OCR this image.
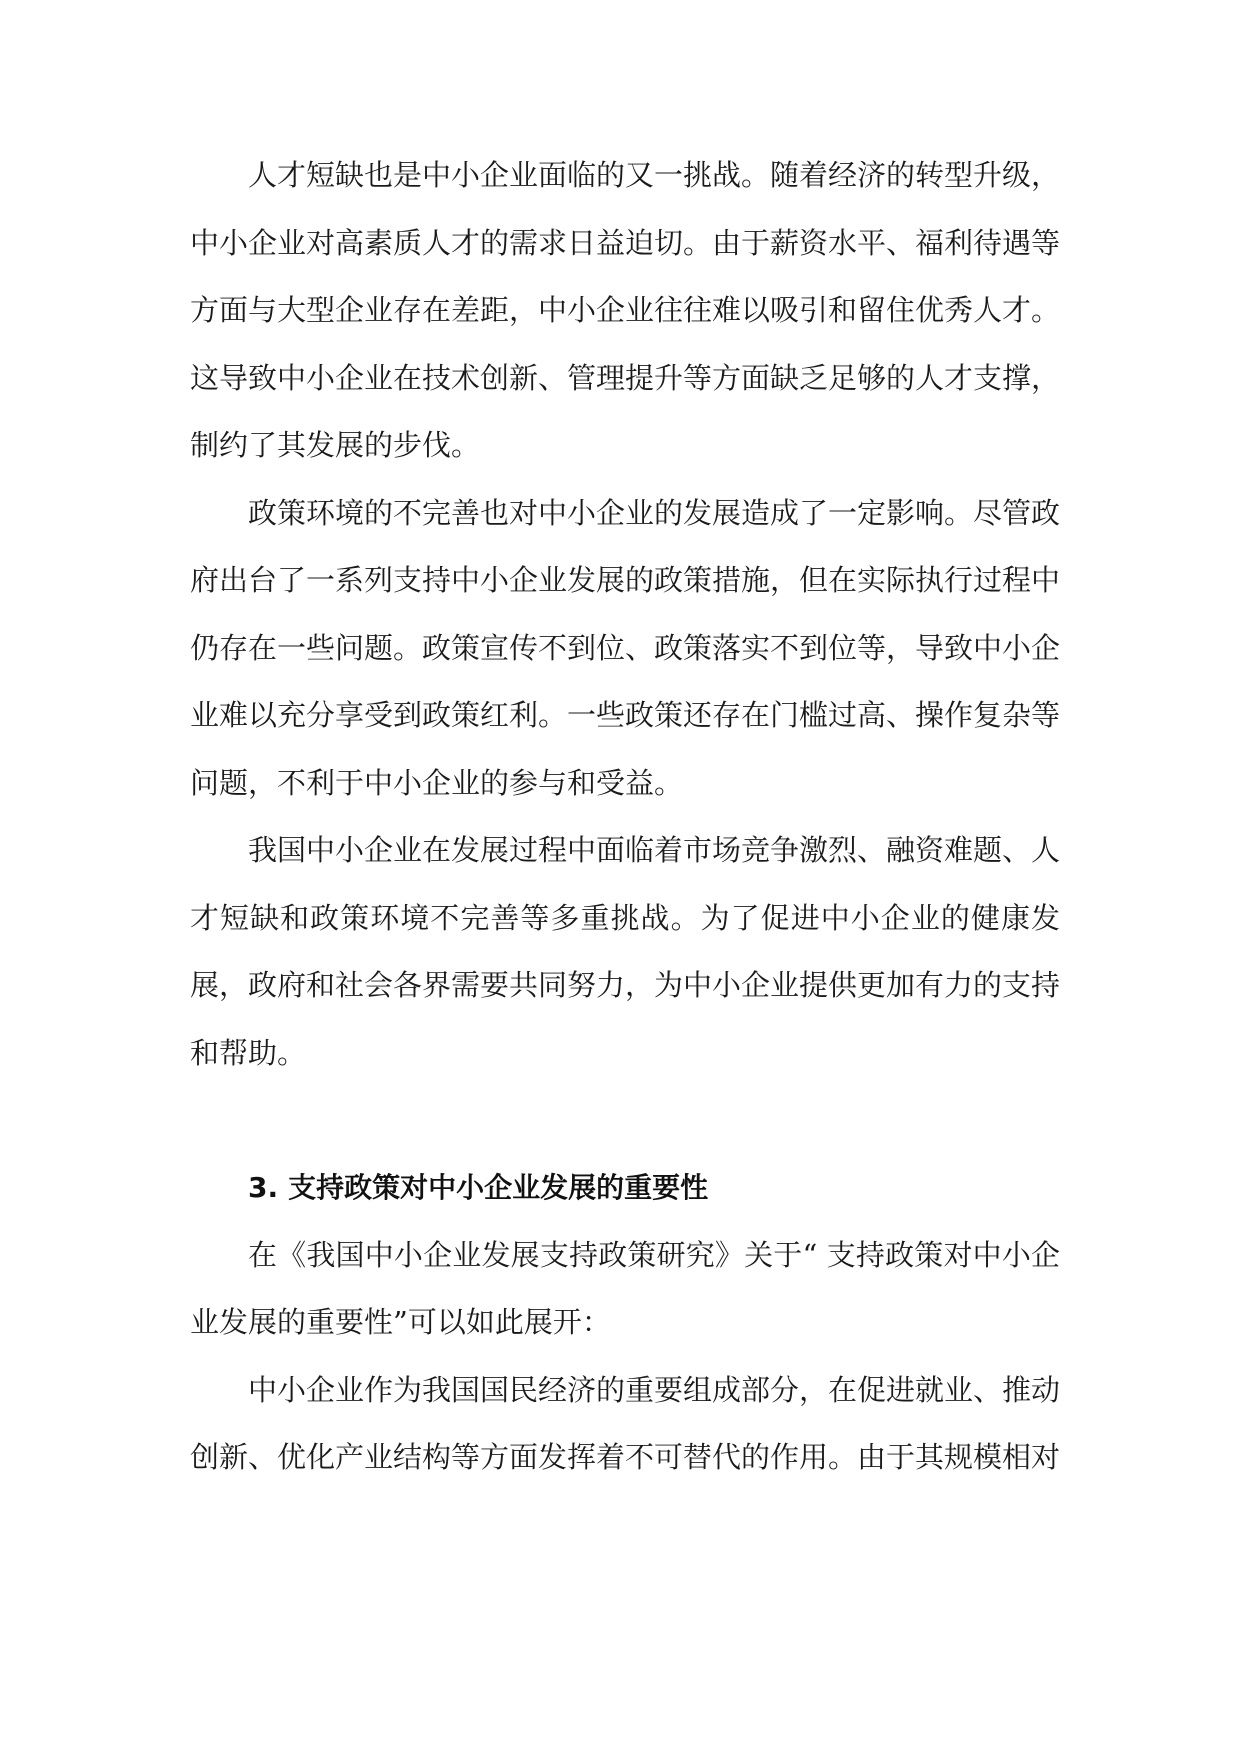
人才短缺也是中小企业面临的又一挑战。随着经济的转型升级，中小企业对高素质人才的需求日益迫切。由于薪资水平、福利待遇等方面与大型企业存在差距，中小企业往往难以吸引和留住优秀人才。这导致中小企业在技术创新、管理提升等方面缺乏足够的人才支撑，制约了其发展的步伐。

政策环境的不完善也对中小企业的发展造成了一定影响。尽管政府出台了一系列支持中小企业发展的政策措施，但在实际执行过程中仍存在一些问题。政策宣传不到位、政策落实不到位等，导致中小企业难以充分享受到政策红利。一些政策还存在门槛过高、操作复杂等问题，不利于中小企业的参与和受益。

我国中小企业在发展过程中面临着市场竞争激烈、融资难题、人才短缺和政策环境不完善等多重挑战。为了促进中小企业的健康发展，政府和社会各界需要共同努力，为中小企业提供更加有力的支持和帮助。

3. 支持政策对中小企业发展的重要性

在《我国中小企业发展支持政策研究》关于“ 支持政策对中小企业发展的重要性”可以如此展开：

中小企业作为我国国民经济的重要组成部分，在促进就业、推动创新、优化产业结构等方面发挥着不可替代的作用。由于其规模相对
